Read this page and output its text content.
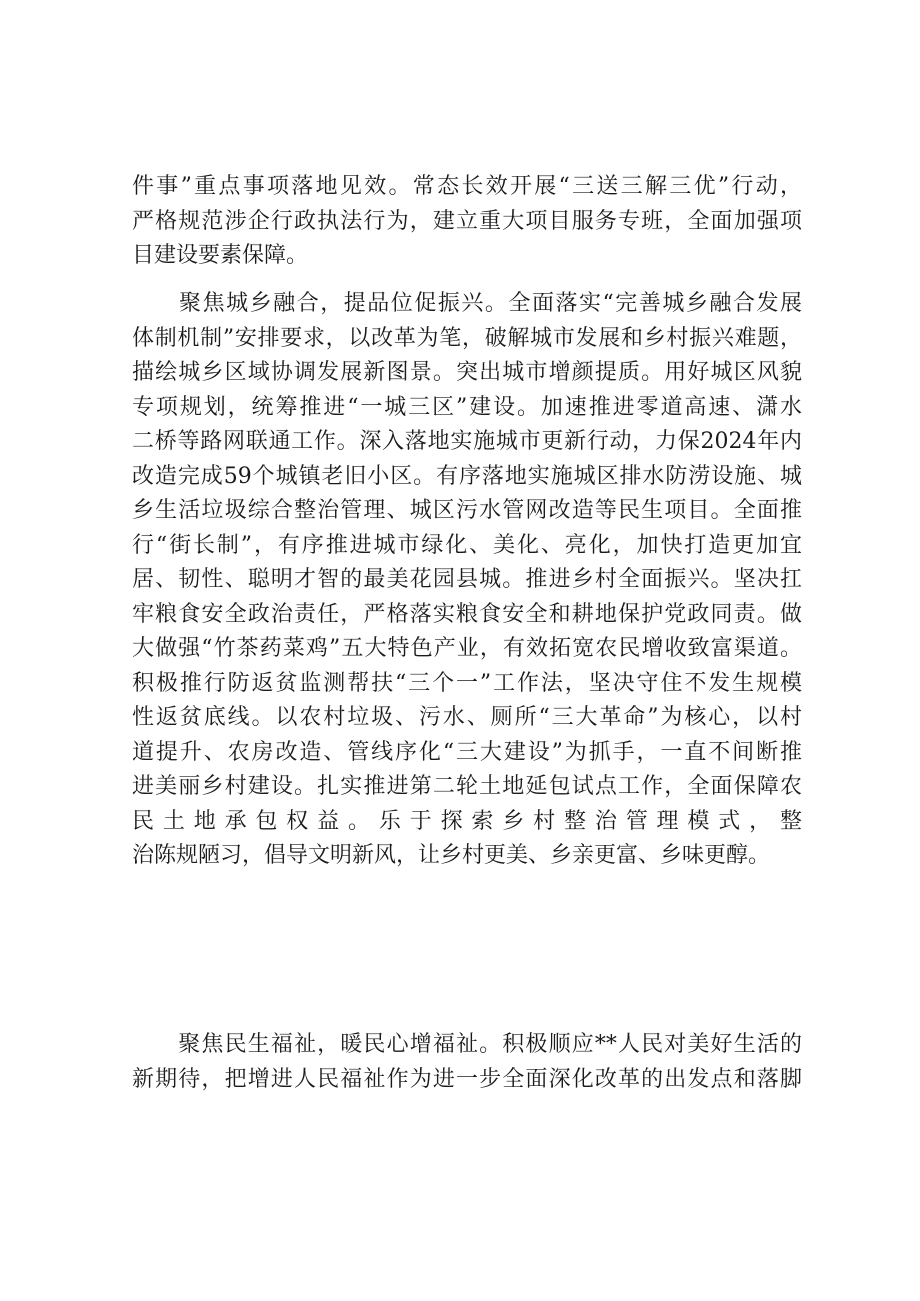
件事”重点事项落地见效。常态长效开展“三送三解三优”行动，
严格规范涉企行政执法行为，建立重大项目服务专班，全面加强项
目建设要素保障。
　　聚焦城乡融合，提品位促振兴。全面落实“完善城乡融合发展
体制机制”安排要求，以改革为笔，破解城市发展和乡村振兴难题，
描绘城乡区域协调发展新图景。突出城市增颜提质。用好城区风貌
专项规划，统筹推进“一城三区”建设。加速推进零道高速、潇水
二桥等路网联通工作。深入落地实施城市更新行动，力保2024年内
改造完成59个城镇老旧小区。有序落地实施城区排水防涝设施、城
乡生活垃圾综合整治管理、城区污水管网改造等民生项目。全面推
行“街长制”，有序推进城市绿化、美化、亮化，加快打造更加宜
居、韧性、聪明才智的最美花园县城。推进乡村全面振兴。坚决扛
牢粮食安全政治责任，严格落实粮食安全和耕地保护党政同责。做
大做强“竹茶药菜鸡”五大特色产业，有效拓宽农民增收致富渠道。
积极推行防返贫监测帮扶“三个一”工作法，坚决守住不发生规模
性返贫底线。以农村垃圾、污水、厕所“三大革命”为核心，以村
道提升、农房改造、管线序化“三大建设”为抓手，一直不间断推
进美丽乡村建设。扎实推进第二轮土地延包试点工作，全面保障农
民土地承包权益。乐于探索乡村整治管理模式，整
治陈规陋习，倡导文明新风，让乡村更美、乡亲更富、乡味更醇。
　　聚焦民生福祉，暖民心增福祉。积极顺应**人民对美好生活的
新期待，把增进人民福祉作为进一步全面深化改革的出发点和落脚
